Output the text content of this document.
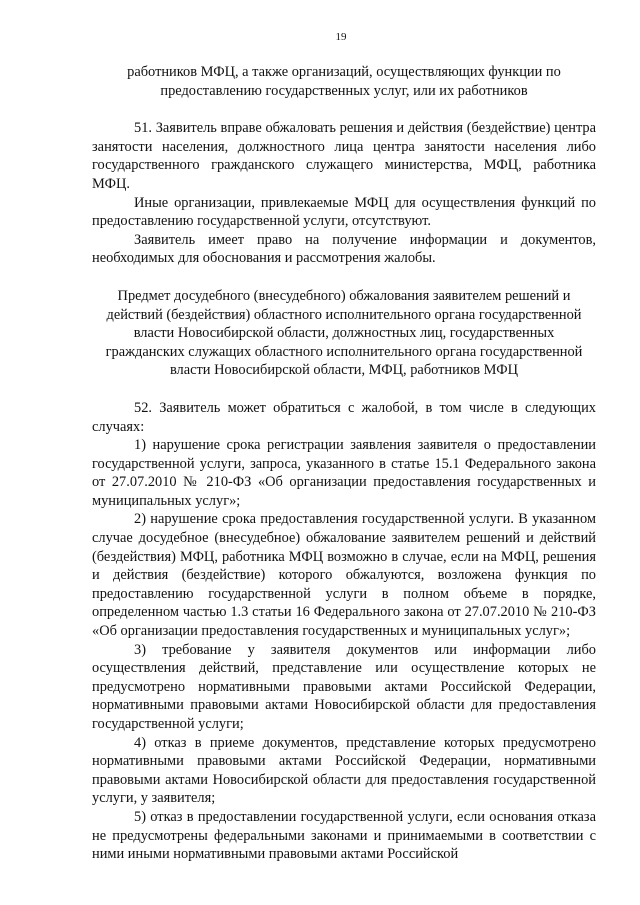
19
работников МФЦ, а также организаций, осуществляющих функции по предоставлению государственных услуг, или их работников

51. Заявитель вправе обжаловать решения и действия (бездействие) центра занятости населения, должностного лица центра занятости населения либо государственного гражданского служащего министерства, МФЦ, работника МФЦ.

Иные организации, привлекаемые МФЦ для осуществления функций по предоставлению государственной услуги, отсутствуют.

Заявитель имеет право на получение информации и документов, необходимых для обоснования и рассмотрения жалобы.

Предмет досудебного (внесудебного) обжалования заявителем решений и действий (бездействия) областного исполнительного органа государственной власти Новосибирской области, должностных лиц, государственных гражданских служащих областного исполнительного органа государственной власти Новосибирской области, МФЦ, работников МФЦ

52. Заявитель может обратиться с жалобой, в том числе в следующих случаях:

1) нарушение срока регистрации заявления заявителя о предоставлении государственной услуги, запроса, указанного в статье 15.1 Федерального закона от 27.07.2010 № 210-ФЗ «Об организации предоставления государственных и муниципальных услуг»;

2) нарушение срока предоставления государственной услуги. В указанном случае досудебное (внесудебное) обжалование заявителем решений и действий (бездействия) МФЦ, работника МФЦ возможно в случае, если на МФЦ, решения и действия (бездействие) которого обжалуются, возложена функция по предоставлению государственной услуги в полном объеме в порядке, определенном частью 1.3 статьи 16 Федерального закона от 27.07.2010 № 210-ФЗ «Об организации предоставления государственных и муниципальных услуг»;

3) требование у заявителя документов или информации либо осуществления действий, представление или осуществление которых не предусмотрено нормативными правовыми актами Российской Федерации, нормативными правовыми актами Новосибирской области для предоставления государственной услуги;

4) отказ в приеме документов, представление которых предусмотрено нормативными правовыми актами Российской Федерации, нормативными правовыми актами Новосибирской области для предоставления государственной услуги, у заявителя;

5) отказ в предоставлении государственной услуги, если основания отказа не предусмотрены федеральными законами и принимаемыми в соответствии с ними иными нормативными правовыми актами Российской
